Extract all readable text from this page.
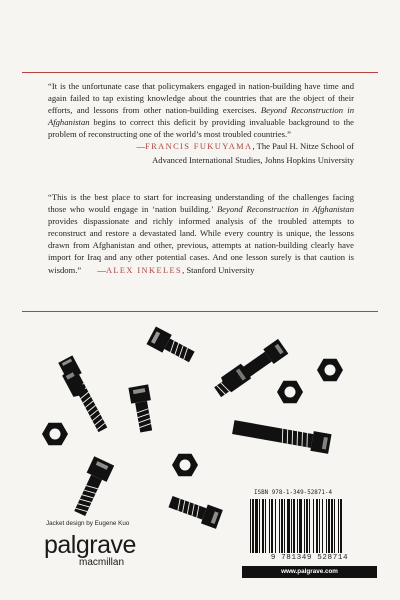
“It is the unfortunate case that policymakers engaged in nation-building have time and again failed to tap existing knowledge about the countries that are the object of their efforts, and lessons from other nation-building exercises. Beyond Reconstruction in Afghanistan begins to correct this deficit by providing invaluable background to the problem of reconstructing one of the world’s most troubled countries.”
—FRANCIS FUKUYAMA, The Paul H. Nitze School of
Advanced International Studies, Johns Hopkins University
“This is the best place to start for increasing understanding of the challenges facing those who would engage in ‘nation building.’ Beyond Reconstruction in Afghanistan provides dispassionate and richly informed analysis of the troubled attempts to reconstruct and restore a devastated land. While every country is unique, the lessons drawn from Afghanistan and other, previous, attempts at nation-building clearly have import for Iraq and any other potential cases. And one lesson surely is that caution is wisdom.” —ALEX INKELES, Stanford University
Jacket design by Eugene Kuo
palgrave
macmillan
ISBN 978-1-349-52871-4
9 781349 528714
www.palgrave.com
